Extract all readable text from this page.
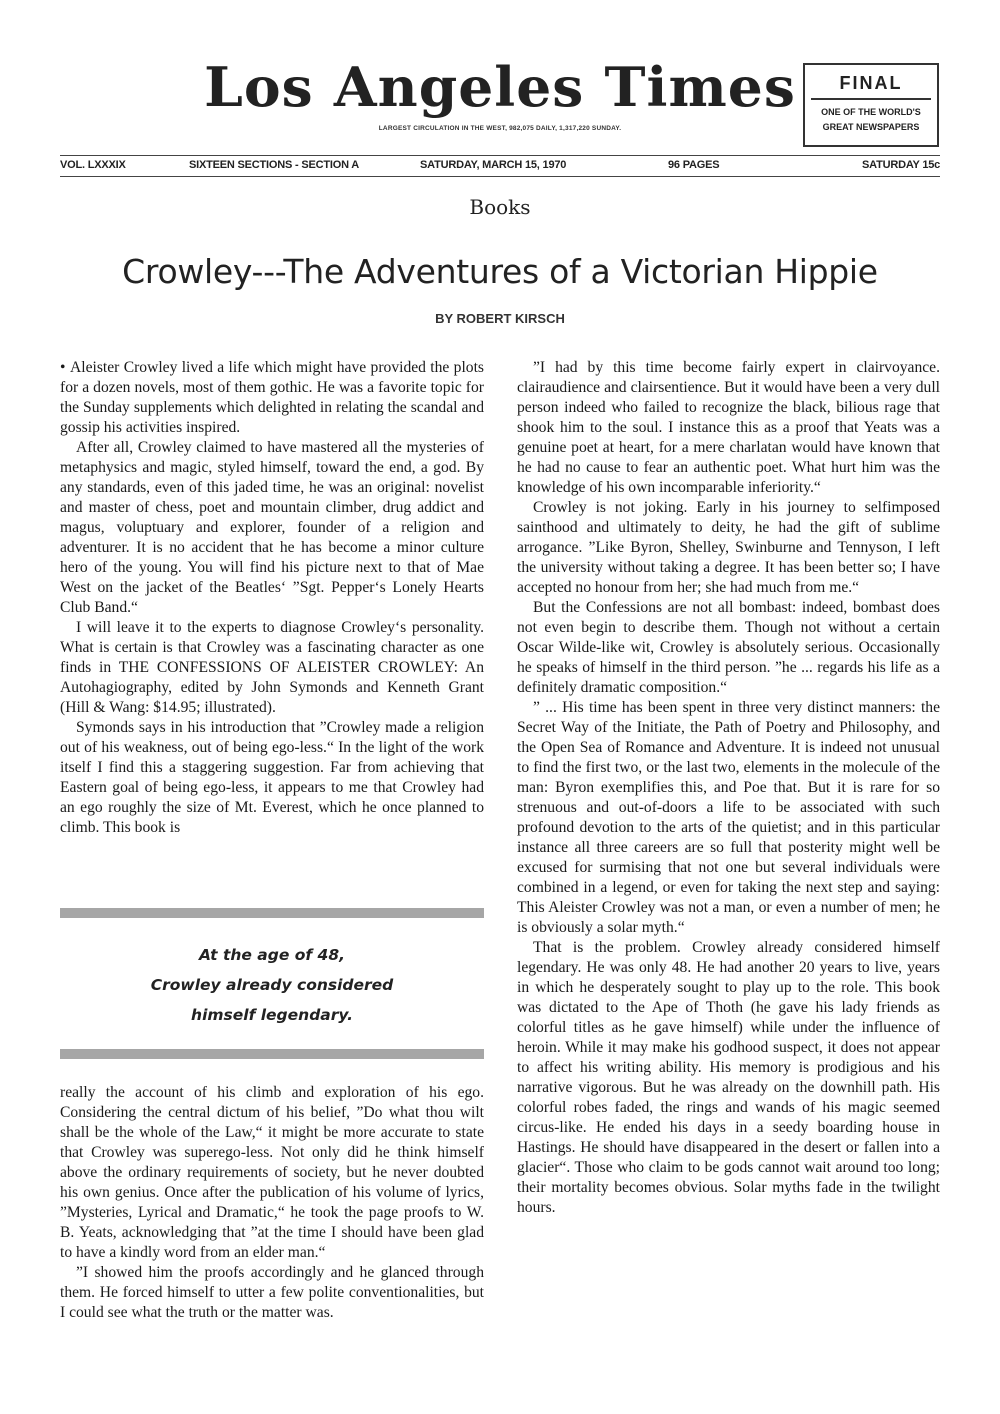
Los Angeles Times
LARGEST CIRCULATION IN THE WEST, 982,075 DAILY, 1,317,220 SUNDAY.
FINAL
ONE OF THE WORLD'S
GREAT NEWSPAPERS
VOL. LXXXIX	SIXTEEN SECTIONS - SECTION A	SATURDAY, MARCH 15, 1970	96 PAGES	SATURDAY 15c
Books
Crowley---The Adventures of a Victorian Hippie
BY ROBERT KIRSCH

• Aleister Crowley lived a life which might have provided the plots for a dozen novels, most of them gothic. He was a favorite topic for the Sunday supplements which delighted in relating the scandal and gossip his activities inspired.

After all, Crowley claimed to have mastered all the mysteries of metaphysics and magic, styled himself, toward the end, a god. By any standards, even of this jaded time, he was an original: novelist and master of chess, poet and mountain climber, drug addict and magus, voluptuary and explorer, founder of a religion and adventurer. It is no accident that he has become a minor culture hero of the young. You will find his picture next to that of Mae West on the jacket of the Beatles‘ ”Sgt. Pepper‘s Lonely Hearts Club Band.“

I will leave it to the experts to diagnose Crowley‘s personality. What is certain is that Crowley was a fascinating character as one finds in THE CONFESSIONS OF ALEISTER CROWLEY: An Autohagiography, edited by John Symonds and Kenneth Grant (Hill & Wang: $14.95; illustrated).

Symonds says in his introduction that ”Crowley made a religion out of his weakness, out of being ego-less.“ In the light of the work itself I find this a staggering suggestion. Far from achieving that Eastern goal of being ego-less, it appears to me that Crowley had an ego roughly the size of Mt. Everest, which he once planned to climb. This book is

At the age of 48,
Crowley already considered
himself legendary.

really the account of his climb and exploration of his ego. Considering the central dictum of his belief, ”Do what thou wilt shall be the whole of the Law,“ it might be more accurate to state that Crowley was superego-less. Not only did he think himself above the ordinary requirements of society, but he never doubted his own genius. Once after the publication of his volume of lyrics, ”Mysteries, Lyrical and Dramatic,“ he took the page proofs to W. B. Yeats, acknowledging that ”at the time I should have been glad to have a kindly word from an elder man.“

”I showed him the proofs accordingly and he glanced through them. He forced himself to utter a few polite conventionalities, but I could see what the truth or the matter was.

”I had by this time become fairly expert in clairvoyance. clairaudience and clairsentience. But it would have been a very dull person indeed who failed to recognize the black, bilious rage that shook him to the soul. I instance this as a proof that Yeats was a genuine poet at heart, for a mere charlatan would have known that he had no cause to fear an authentic poet. What hurt him was the knowledge of his own incomparable inferiority.“

Crowley is not joking. Early in his journey to selfimposed sainthood and ultimately to deity, he had the gift of sublime arrogance. ”Like Byron, Shelley, Swinburne and Tennyson, I left the university without taking a degree. It has been better so; I have accepted no honour from her; she had much from me.“

But the Confessions are not all bombast: indeed, bombast does not even begin to describe them. Though not without a certain Oscar Wilde-like wit, Crowley is absolutely serious. Occasionally he speaks of himself in the third person. ”he ... regards his life as a definitely dramatic composition.“

” ... His time has been spent in three very distinct manners: the Secret Way of the Initiate, the Path of Poetry and Philosophy, and the Open Sea of Romance and Adventure. It is indeed not unusual to find the first two, or the last two, elements in the molecule of the man: Byron exemplifies this, and Poe that. But it is rare for so strenuous and out-of-doors a life to be associated with such profound devotion to the arts of the quietist; and in this particular instance all three careers are so full that posterity might well be excused for surmising that not one but several individuals were combined in a legend, or even for taking the next step and saying: This Aleister Crowley was not a man, or even a number of men; he is obviously a solar myth.“

That is the problem. Crowley already considered himself legendary. He was only 48. He had another 20 years to live, years in which he desperately sought to play up to the role. This book was dictated to the Ape of Thoth (he gave his lady friends as colorful titles as he gave himself) while under the influence of heroin. While it may make his godhood suspect, it does not appear to affect his writing ability. His memory is prodigious and his narrative vigorous. But he was already on the downhill path. His colorful robes faded, the rings and wands of his magic seemed circus-like. He ended his days in a seedy boarding house in Hastings. He should have disappeared in the desert or fallen into a glacier“. Those who claim to be gods cannot wait around too long; their mortality becomes obvious. Solar myths fade in the twilight hours.
